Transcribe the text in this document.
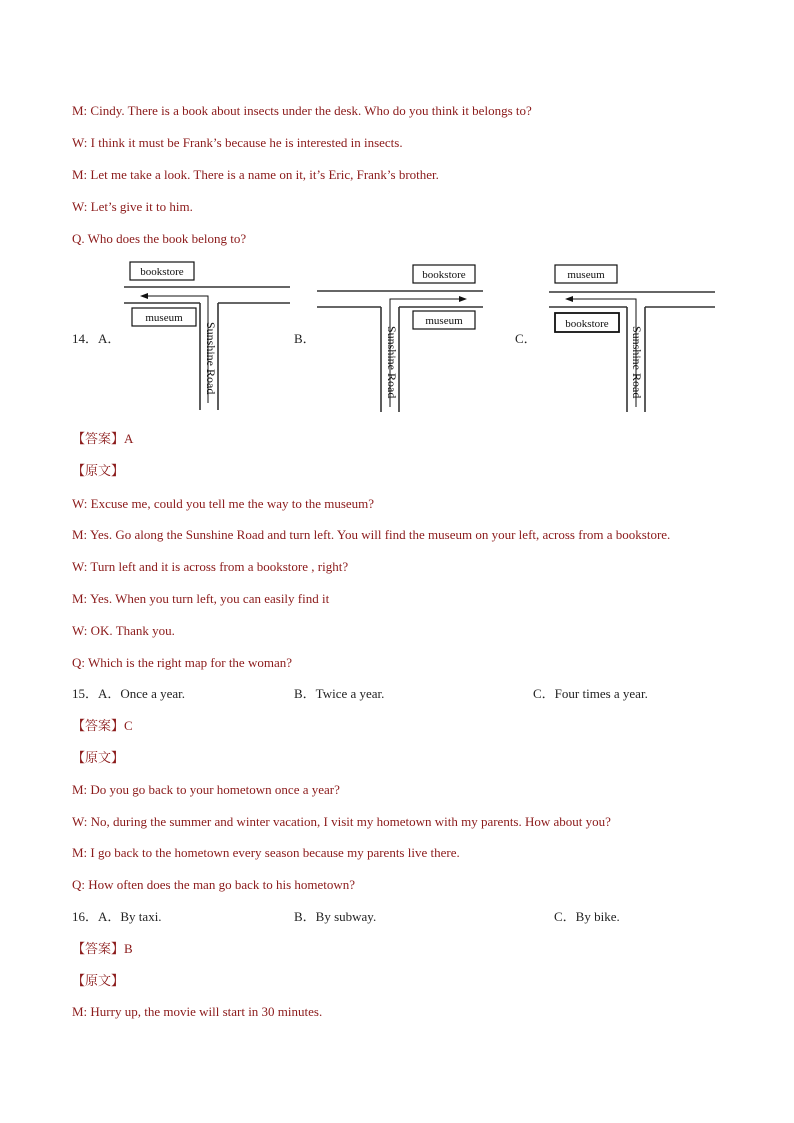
M: Cindy. There is a book about insects under the desk. Who do you think it belongs to?
W: I think it must be Frank’s because he is interested in insects.
M: Let me take a look. There is a name on it, it’s Eric, Frank’s brother.
W: Let’s give it to him.
Q. Who does the book belong to?
14．A．	B．	C．
bookstore
museum
Sunshine Road
bookstore
museum
Sunshine Road
museum
bookstore
Sunshine Road
【答案】A
【原文】
W: Excuse me, could you tell me the way to the museum?
M: Yes. Go along the Sunshine Road and turn left. You will find the museum on your left, across from a bookstore.
W: Turn left and it is across from a bookstore , right?
M: Yes. When you turn left, you can easily find it
W: OK. Thank you.
Q: Which is the right map for the woman?
15．A．Once a year.	B．Twice a year.	C．Four times a year.
【答案】C
【原文】
M: Do you go back to your hometown once a year?
W: No, during the summer and winter vacation, I visit my hometown with my parents. How about you?
M: I go back to the hometown every season because my parents live there.
Q: How often does the man go back to his hometown?
16．A．By taxi.	B．By subway.	C．By bike.
【答案】B
【原文】
M: Hurry up, the movie will start in 30 minutes.
